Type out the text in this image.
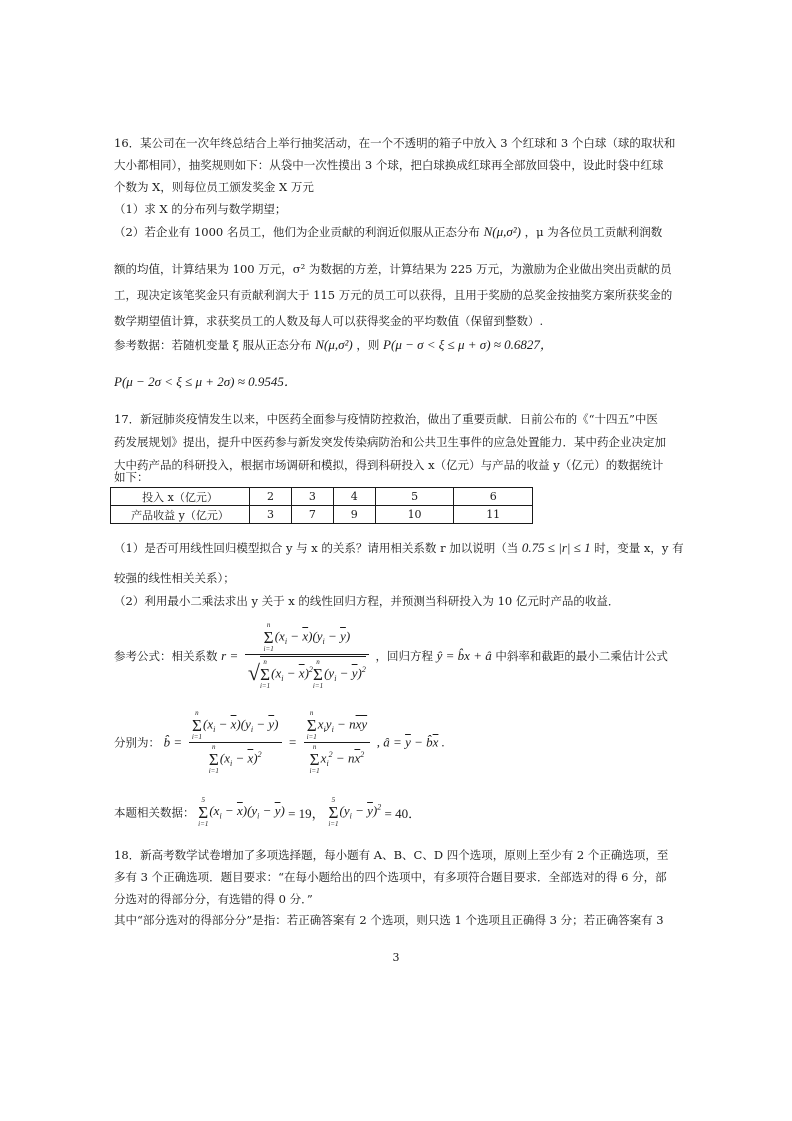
16．某公司在一次年终总结合上举行抽奖活动，在一个不透明的箱子中放入 3 个红球和 3 个白球（球的取状和
大小都相同），抽奖规则如下：从袋中一次性摸出 3 个球，把白球换成红球再全部放回袋中，设此时袋中红球
个数为 X，则每位员工颁发奖金 X 万元
（1）求 X 的分布列与数学期望；
（2）若企业有 1000 名员工，他们为企业贡献的利润近似服从正态分布 N(μ,σ²) ，μ 为各位员工贡献利润数
额的均值，计算结果为 100 万元，σ² 为数据的方差，计算结果为 225 万元，为激励为企业做出突出贡献的员
工，现决定该笔奖金只有贡献利润大于 115 万元的员工可以获得，且用于奖励的总奖金按抽奖方案所获奖金的
数学期望值计算，求获奖员工的人数及每人可以获得奖金的平均数值（保留到整数）.
参考数据：若随机变量 ξ 服从正态分布 N(μ,σ²) ，则 P(μ − σ < ξ ≤ μ + σ) ≈ 0.6827，
P(μ − 2σ < ξ ≤ μ + 2σ) ≈ 0.9545．
17．新冠肺炎疫情发生以来，中医药全面参与疫情防控救治，做出了重要贡献．日前公布的《“十四五”中医
药发展规划》提出，提升中医药参与新发突发传染病防治和公共卫生事件的应急处置能力．某中药企业决定加
大中药产品的科研投入，根据市场调研和模拟，得到科研投入 x（亿元）与产品的收益 y（亿元）的数据统计
如下：
投入 x（亿元）	2	3	4	5	6
产品收益 y（亿元）	3	7	9	10	11
（1）是否可用线性回归模型拟合 y 与 x 的关系？请用相关系数 r 加以说明（当 0.75 ≤ |r| ≤ 1 时，变量 x，y 有
较强的线性相关关系）；
（2）利用最小二乘法求出 y 关于 x 的线性回归方程，并预测当科研投入为 10 亿元时产品的收益．
参考公式：相关系数 r = n
Σ
i=1
$(x_i - \overline{x})(y_i - \overline{y})$
√ n
Σ
i=1
$(x_i - \overline{x})^2$
n
Σ
i=1
$(y_i - \overline{y})^2$ ，回归方程 ŷ = b̂x + â 中斜率和截距的最小二乘估计公式
分别为： b̂ = n
Σ
i=1
$(x_i - \overline{x})(y_i - \overline{y})$
n
Σ
i=1
$(x_i - \overline{x})^2 = n$
Σ
i=1
$x_iy_i - n\overline{xy}$
n
Σ
i=1
$x_i^2 - n\overline{x}^2$ , â = $\overline{y}$ − $b̂\overline{x}$ .
本题相关数据：
5
Σ
i=1
$(x_i - \overline{x})(y_i - \overline{y}) = 19$，
5
Σ
i=1
$(y_i - \overline{y})^2 = 40$．
18．新高考数学试卷增加了多项选择题，每小题有 A、B、C、D 四个选项，原则上至少有 2 个正确选项，至
多有 3 个正确选项．题目要求：“在每小题给出的四个选项中，有多项符合题目要求．全部选对的得 6 分，部
分选对的得部分分，有选错的得 0 分．”
其中“部分选对的得部分分”是指：若正确答案有 2 个选项，则只选 1 个选项且正确得 3 分；若正确答案有 3
3
